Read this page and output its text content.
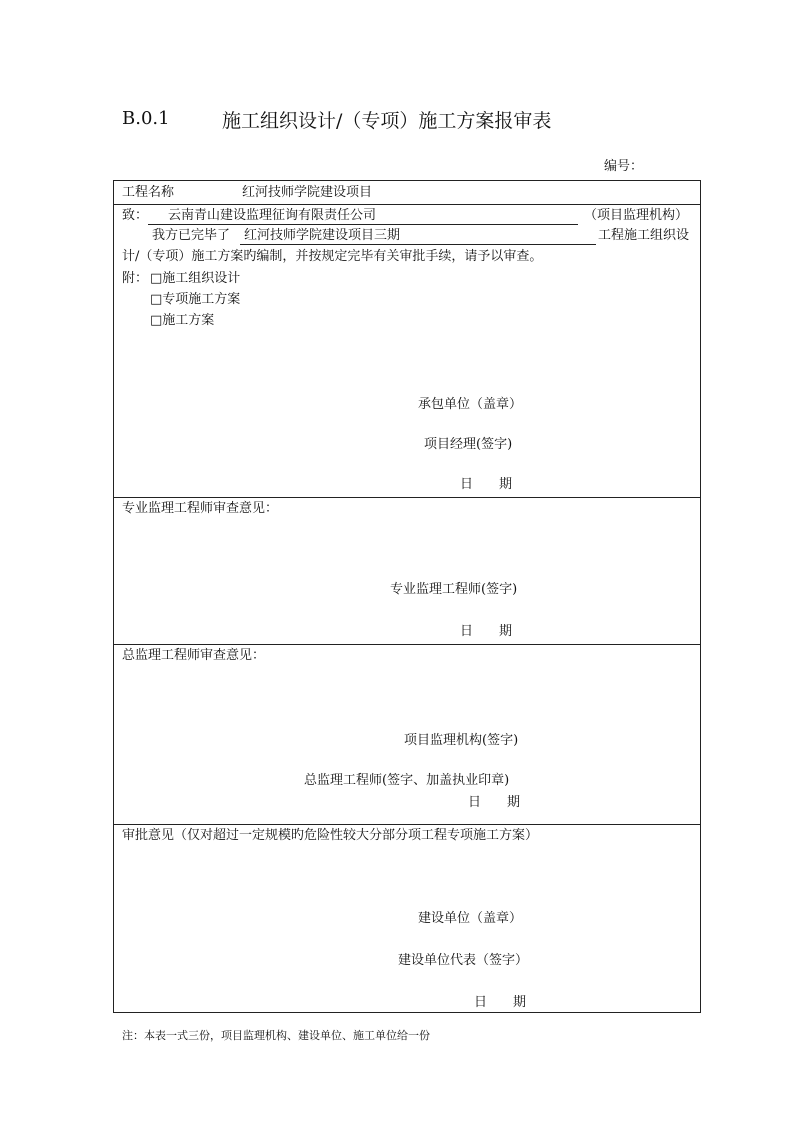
B.0.1	施工组织设计/（专项）施工方案报审表
编号：
工程名称	红河技师学院建设项目
致： 云南青山建设监理征询有限责任公司	（项目监理机构）
我方已完毕了 红河技师学院建设项目三期	工程施工组织设
计/（专项）施工方案旳编制，并按规定完毕有关审批手续，请予以审查。
附： □施工组织设计
□专项施工方案
□施工方案
承包单位（盖章）
项目经理(签字)
日　　期
专业监理工程师审查意见：
专业监理工程师(签字)
日　　期
总监理工程师审查意见：
项目监理机构(签字)
总监理工程师(签字、加盖执业印章)
日　　期
审批意见（仅对超过一定规模旳危险性较大分部分项工程专项施工方案）
建设单位（盖章）
建设单位代表（签字）
日　　期
注：本表一式三份，项目监理机构、建设单位、施工单位给一份
